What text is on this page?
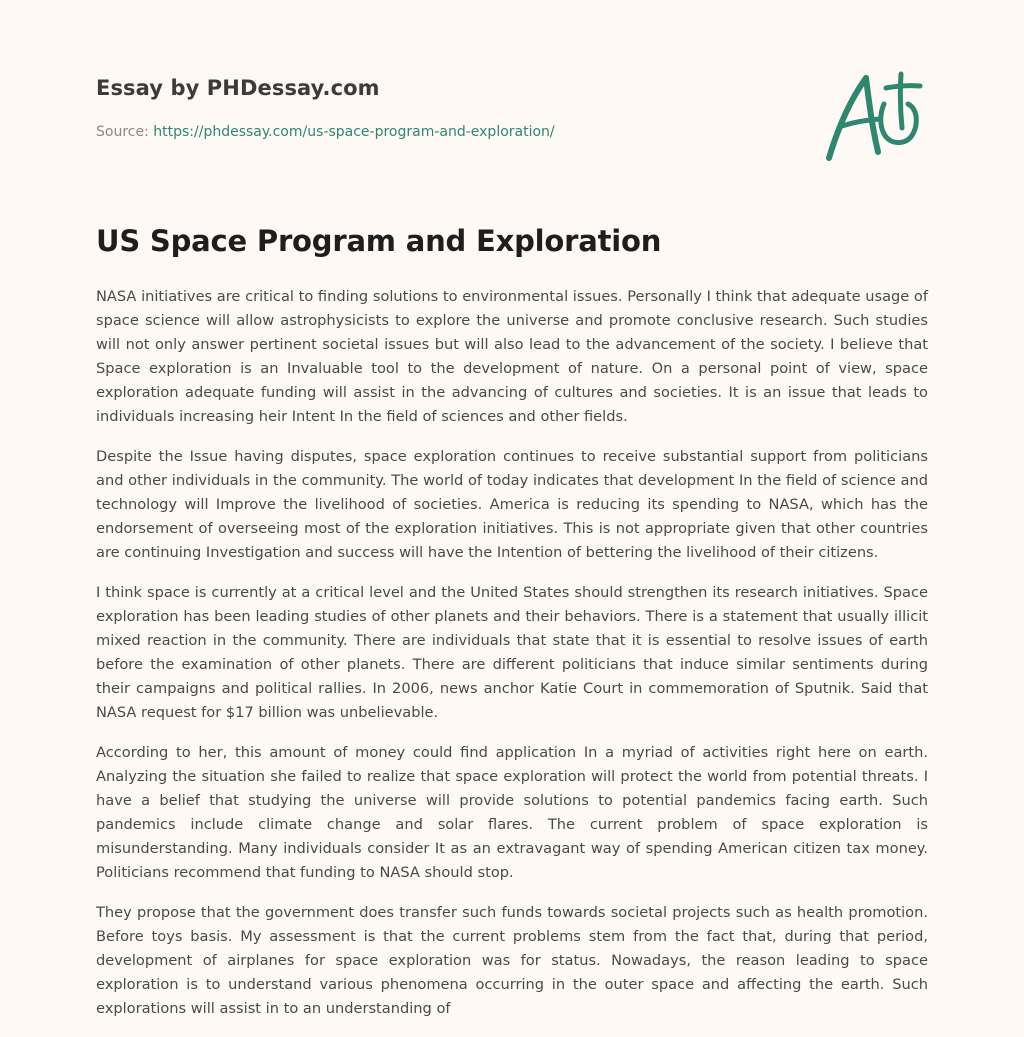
Essay by PHDessay.com
Source: https://phdessay.com/us-space-program-and-exploration/
US Space Program and Exploration

NASA initiatives are critical to finding solutions to environmental issues. Personally I think that adequate usage of space science will allow astrophysicists to explore the universe and promote conclusive research. Such studies will not only answer pertinent societal issues but will also lead to the advancement of the society. I believe that Space exploration is an Invaluable tool to the development of nature. On a personal point of view, space exploration adequate funding will assist in the advancing of cultures and societies. It is an issue that leads to individuals increasing heir Intent In the field of sciences and other fields.

Despite the Issue having disputes, space exploration continues to receive substantial support from politicians and other individuals in the community. The world of today indicates that development In the field of science and technology will Improve the livelihood of societies. America is reducing its spending to NASA, which has the endorsement of overseeing most of the exploration initiatives. This is not appropriate given that other countries are continuing Investigation and success will have the Intention of bettering the livelihood of their citizens.

I think space is currently at a critical level and the United States should strengthen its research initiatives. Space exploration has been leading studies of other planets and their behaviors. There is a statement that usually illicit mixed reaction in the community. There are individuals that state that it is essential to resolve issues of earth before the examination of other planets. There are different politicians that induce similar sentiments during their campaigns and political rallies. In 2006, news anchor Katie Court in commemoration of Sputnik. Said that NASA request for $17 billion was unbelievable.

According to her, this amount of money could find application In a myriad of activities right here on earth. Analyzing the situation she failed to realize that space exploration will protect the world from potential threats. I have a belief that studying the universe will provide solutions to potential pandemics facing earth. Such pandemics include climate change and solar flares. The current problem of space exploration is misunderstanding. Many individuals consider It as an extravagant way of spending American citizen tax money. Politicians recommend that funding to NASA should stop.

They propose that the government does transfer such funds towards societal projects such as health promotion. Before toys basis. My assessment is that the current problems stem from the fact that, during that period, development of airplanes for space exploration was for status. Nowadays, the reason leading to space exploration is to understand various phenomena occurring in the outer space and affecting the earth. Such explorations will assist in to an understanding of
